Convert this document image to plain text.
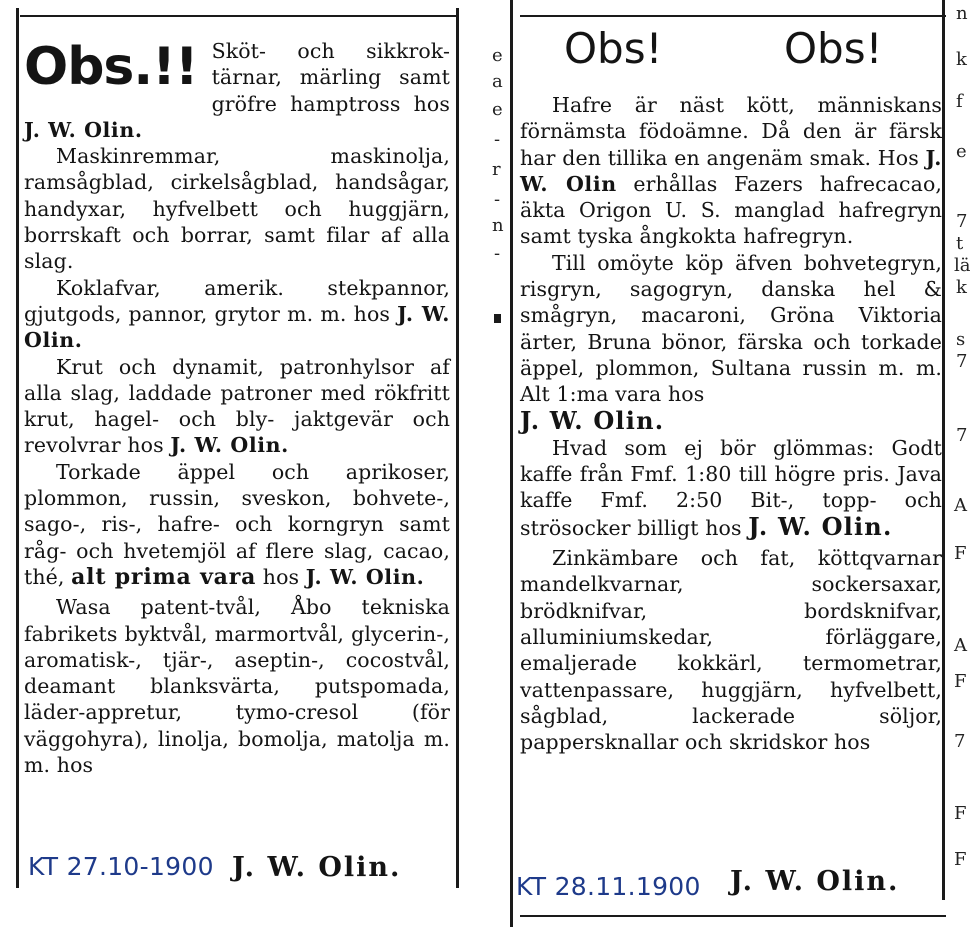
Obs.!! Sköt- och sikkrok-tärnar, märling samt gröfre hamptross hos J. W. Olin.

Maskinremmar, maskinolja, ramsågblad, cirkelsågblad, handsågar, handyxar, hyfvelbett och huggjärn, borrskaft och borrar, samt filar af alla slag.

Koklafvar, amerik. stekpannor, gjutgods, pannor, grytor m. m. hos J. W. Olin.

Krut och dynamit, patronhylsor af alla slag, laddade patroner med rökfritt krut, hagel- och bly- jaktgevär och revolvrar hos J. W. Olin.

Torkade äppel och aprikoser, plommon, russin, sveskon, bohvete-, sago-, ris-, hafre- och korngryn samt råg- och hvetemjöl af flere slag, cacao, thé, alt prima vara hos J. W. Olin.

Wasa patent-tvål, Åbo tekniska fabrikets byktvål, marmortvål, glycerin-, aromatisk-, tjär-, aseptin-, cocostvål, deamant blanksvärta, putspomada, läder-appretur, tymo-cresol (för väggohyra), linolja, bomolja, matolja m. m. hos

KT 27.10-1900 J. W. Olin.
e
a
e
-
r
-
n
-
Obs!	Obs!

Hafre är näst kött, människans förnämsta födoämne. Då den är färsk har den tillika en angenäm smak. Hos J. W. Olin erhållas Fazers hafrecacao, äkta Origon U. S. manglad hafregryn samt tyska ångkokta hafregryn.

Till omöyte köp äfven bohvetegryn, risgryn, sagogryn, danska hel & smågryn, macaroni, Gröna Viktoria ärter, Bruna bönor, färska och torkade äppel, plommon, Sultana russin m. m. Alt 1:ma vara hos
J. W. Olin.

Hvad som ej bör glömmas: Godt kaffe från Fmf. 1:80 till högre pris. Java kaffe Fmf. 2:50 Bit-, topp- och strösocker billigt hos J. W. Olin.

Zinkämbare och fat, köttqvarnar mandelkvarnar, sockersaxar, brödknifvar, bordsknifvar, alluminiumskedar, förläggare, emaljerade kokkärl, termometrar, vattenpassare, huggjärn, hyfvelbett, sågblad, lackerade söljor, pappersknallar och skridskor hos

KT 28.11.1900 J. W. Olin.
n
k
f
e
7
t
lä
k
s
7
7
A
F
A
F
7
F
F
